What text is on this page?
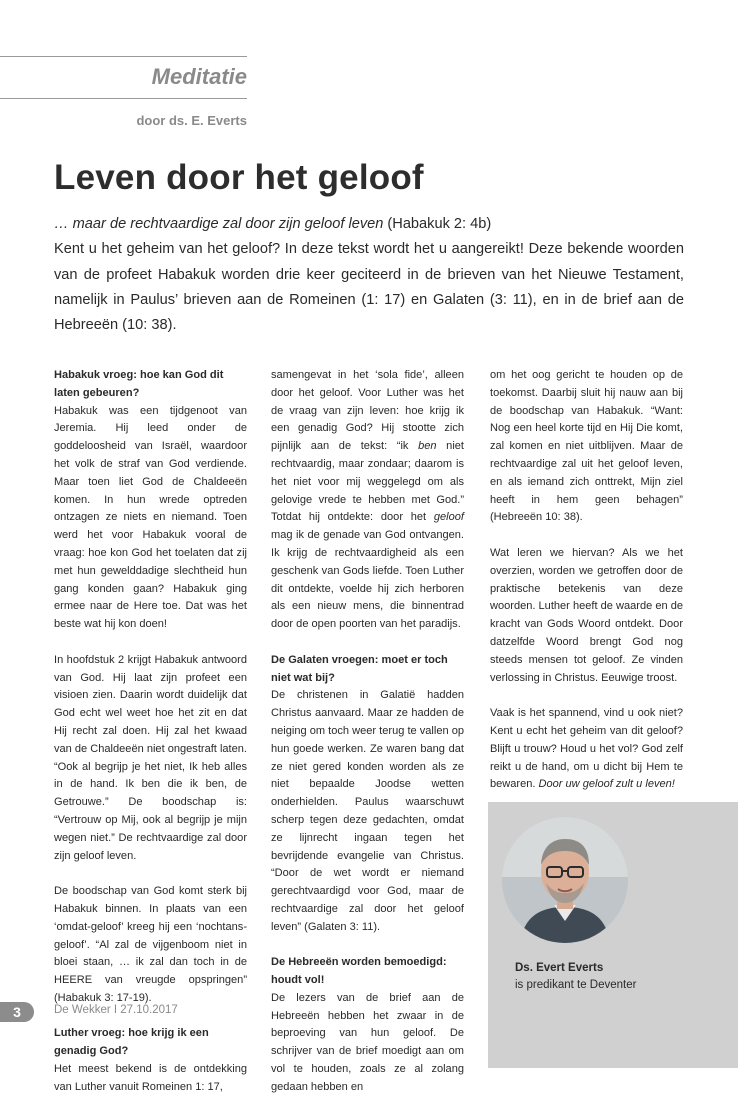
Meditatie
door ds. E. Everts
Leven door het geloof

… maar de rechtvaardige zal door zijn geloof leven (Habakuk 2: 4b)

Kent u het geheim van het geloof? In deze tekst wordt het u aangereikt! Deze bekende woorden van de profeet Habakuk worden drie keer geciteerd in de brieven van het Nieuwe Testament, namelijk in Paulus’ brieven aan de Romeinen (1: 17) en Galaten (3: 11), en in de brief aan de Hebreeën (10: 38).

Habakuk vroeg: hoe kan God dit laten gebeuren?

Habakuk was een tijdgenoot van Jeremia. Hij leed onder de goddeloosheid van Israël, waardoor het volk de straf van God verdiende. Maar toen liet God de Chaldeeën komen. In hun wrede optreden ontzagen ze niets en niemand. Toen werd het voor Habakuk vooral de vraag: hoe kon God het toelaten dat zij met hun gewelddadige slechtheid hun gang konden gaan? Habakuk ging ermee naar de Here toe. Dat was het beste wat hij kon doen!

In hoofdstuk 2 krijgt Habakuk antwoord van God. Hij laat zijn profeet een visioen zien. Daarin wordt duidelijk dat God echt wel weet hoe het zit en dat Hij recht zal doen. Hij zal het kwaad van de Chaldeeën niet ongestraft laten. “Ook al begrijp je het niet, Ik heb alles in de hand. Ik ben die ik ben, de Getrouwe.” De boodschap is: “Vertrouw op Mij, ook al begrijp je mijn wegen niet.” De rechtvaardige zal door zijn geloof leven.

De boodschap van God komt sterk bij Habakuk binnen. In plaats van een ‘omdat-geloof’ kreeg hij een ‘nochtans-geloof’. “Al zal de vijgenboom niet in bloei staan, … ik zal dan toch in de HEERE van vreugde opspringen” (Habakuk 3: 17-19).

Luther vroeg: hoe krijg ik een genadig God?

Het meest bekend is de ontdekking van Luther vanuit Romeinen 1: 17,

samengevat in het ‘sola fide’, alleen door het geloof. Voor Luther was het de vraag van zijn leven: hoe krijg ik een genadig God? Hij stootte zich pijnlijk aan de tekst: “ik ben niet rechtvaardig, maar zondaar; daarom is het niet voor mij weggelegd om als gelovige vrede te hebben met God.” Totdat hij ontdekte: door het geloof mag ik de genade van God ontvangen. Ik krijg de rechtvaardigheid als een geschenk van Gods liefde. Toen Luther dit ontdekte, voelde hij zich herboren als een nieuw mens, die binnentrad door de open poorten van het paradijs.

De Galaten vroegen: moet er toch niet wat bij?

De christenen in Galatië hadden Christus aanvaard. Maar ze hadden de neiging om toch weer terug te vallen op hun goede werken. Ze waren bang dat ze niet gered konden worden als ze niet bepaalde Joodse wetten onderhielden. Paulus waarschuwt scherp tegen deze gedachten, omdat ze lijnrecht ingaan tegen het bevrijdende evangelie van Christus. “Door de wet wordt er niemand gerechtvaardigd voor God, maar de rechtvaardige zal door het geloof leven” (Galaten 3: 11).

De Hebreeën worden bemoedigd: houdt vol!

De lezers van de brief aan de Hebreeën hebben het zwaar in de beproeving van hun geloof. De schrijver van de brief moedigt aan om vol te houden, zoals ze al zolang gedaan hebben en

om het oog gericht te houden op de toekomst. Daarbij sluit hij nauw aan bij de boodschap van Habakuk. “Want: Nog een heel korte tijd en Hij Die komt, zal komen en niet uitblijven. Maar de rechtvaardige zal uit het geloof leven, en als iemand zich onttrekt, Mijn ziel heeft in hem geen behagen” (Hebreeën 10: 38).

Wat leren we hiervan? Als we het overzien, worden we getroffen door de praktische betekenis van deze woorden. Luther heeft de waarde en de kracht van Gods Woord ontdekt. Door datzelfde Woord brengt God nog steeds mensen tot geloof. Ze vinden verlossing in Christus. Eeuwige troost.

Vaak is het spannend, vind u ook niet? Kent u echt het geheim van dit geloof? Blijft u trouw? Houd u het vol? God zelf reikt u de hand, om u dicht bij Hem te bewaren. Door uw geloof zult u leven!

Ds. Evert Everts
is predikant te Deventer
3	De Wekker I 27.10.2017
